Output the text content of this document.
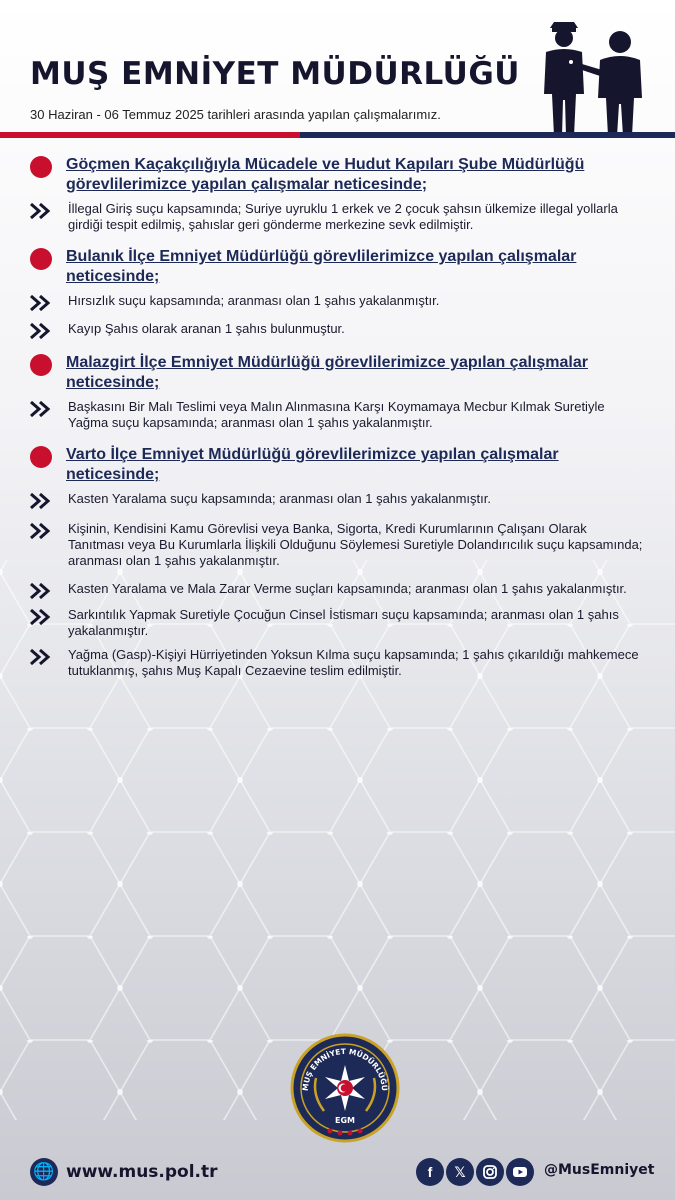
MUŞ EMNİYET MÜDÜRLÜĞÜ
30 Haziran - 06 Temmuz 2025 tarihleri arasında yapılan çalışmalarımız.
Göçmen Kaçakçılığıyla Mücadele ve Hudut Kapıları Şube Müdürlüğü görevlilerimizce yapılan çalışmalar neticesinde;
İllegal Giriş suçu kapsamında; Suriye uyruklu 1 erkek ve 2 çocuk şahsın ülkemize illegal yollarla girdiği tespit edilmiş, şahıslar geri gönderme merkezine sevk edilmiştir.
Bulanık İlçe Emniyet Müdürlüğü görevlilerimizce yapılan çalışmalar neticesinde;
Hırsızlık suçu kapsamında; aranması olan 1 şahıs yakalanmıştır.
Kayıp Şahıs olarak aranan 1 şahıs bulunmuştur.
Malazgirt İlçe Emniyet Müdürlüğü görevlilerimizce yapılan çalışmalar neticesinde;
Başkasını Bir Malı Teslimi veya Malın Alınmasına Karşı Koymamaya Mecbur Kılmak Suretiyle Yağma suçu kapsamında; aranması olan 1 şahıs yakalanmıştır.
Varto İlçe Emniyet Müdürlüğü görevlilerimizce yapılan çalışmalar neticesinde;
Kasten Yaralama suçu kapsamında; aranması olan 1 şahıs yakalanmıştır.
Kişinin, Kendisini Kamu Görevlisi veya Banka, Sigorta, Kredi Kurumlarının Çalışanı Olarak Tanıtması veya Bu Kurumlarla İlişkili Olduğunu Söylemesi Suretiyle Dolandırıcılık suçu kapsamında; aranması olan 1 şahıs yakalanmıştır.
Kasten Yaralama ve Mala Zarar Verme suçları kapsamında; aranması olan 1 şahıs yakalanmıştır.
Sarkıntılık Yapmak Suretiyle Çocuğun Cinsel İstismarı suçu kapsamında; aranması olan 1 şahıs yakalanmıştır.
Yağma (Gasp)-Kişiyi Hürriyetinden Yoksun Kılma suçu kapsamında; 1 şahıs çıkarıldığı mahkemece tutuklanmış, şahıs Muş Kapalı Cezaevine teslim edilmiştir.
MUŞ EMNİYET MÜDÜRLÜĞÜ
EGM
🌐 www.mus.pol.tr	f	𝕏	@MusEmniyet
